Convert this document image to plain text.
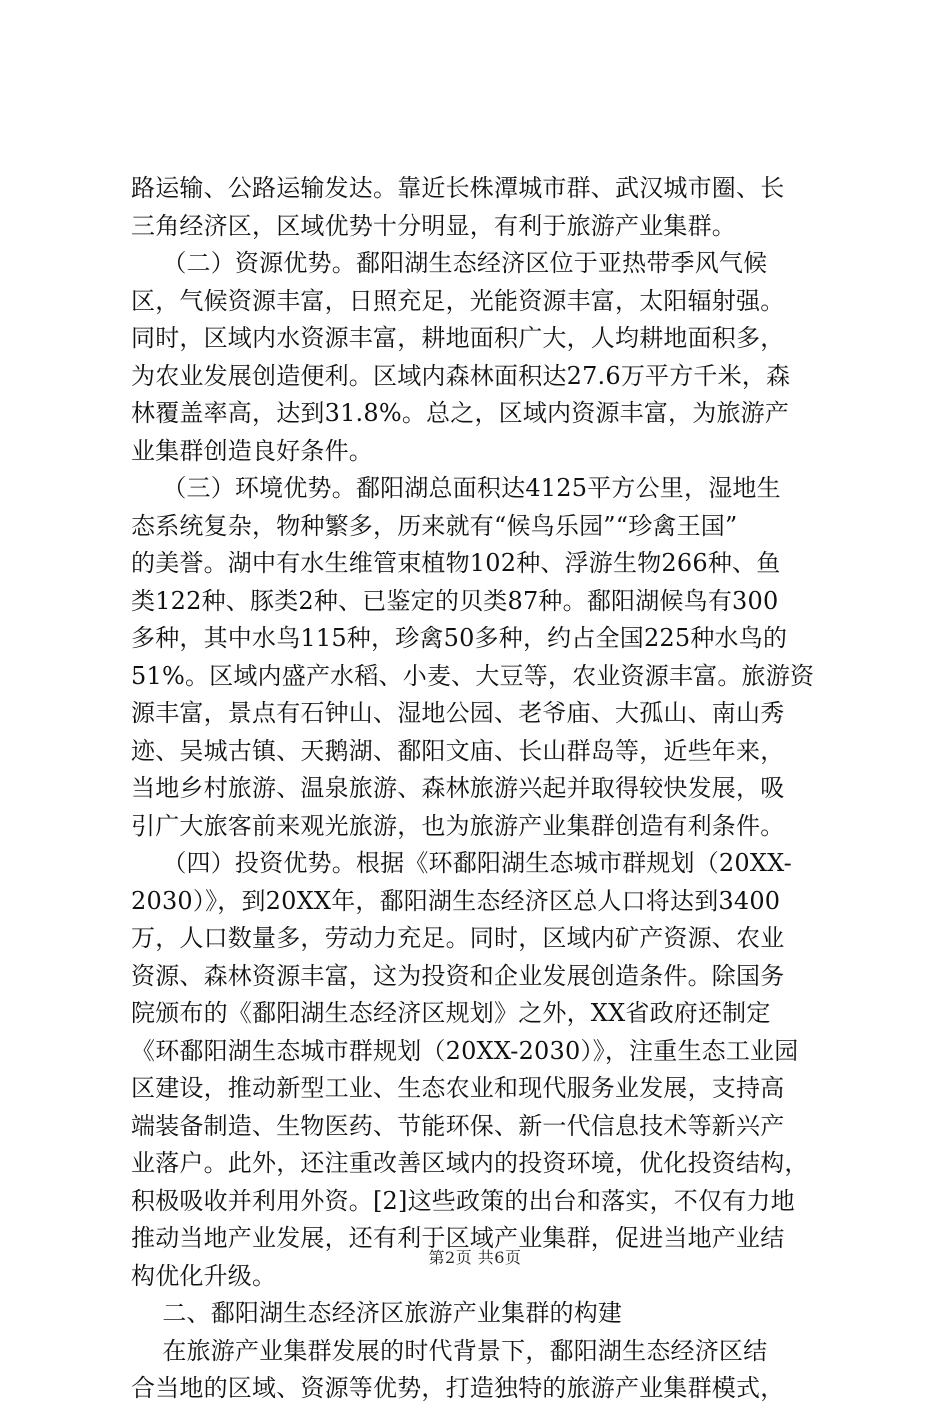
路运输、公路运输发达。靠近长株潭城市群、武汉城市圈、长
三角经济区，区域优势十分明显，有利于旅游产业集群。
（二）资源优势。鄱阳湖生态经济区位于亚热带季风气候
区，气候资源丰富，日照充足，光能资源丰富，太阳辐射强。
同时，区域内水资源丰富，耕地面积广大，人均耕地面积多，
为农业发展创造便利。区域内森林面积达27.6万平方千米，森
林覆盖率高，达到31.8%。总之，区域内资源丰富，为旅游产
业集群创造良好条件。
（三）环境优势。鄱阳湖总面积达4125平方公里，湿地生
态系统复杂，物种繁多，历来就有“候鸟乐园”“珍禽王国”
的美誉。湖中有水生维管束植物102种、浮游生物266种、鱼
类122种、豚类2种、已鉴定的贝类87种。鄱阳湖候鸟有300
多种，其中水鸟115种，珍禽50多种，约占全国225种水鸟的
51%。区域内盛产水稻、小麦、大豆等，农业资源丰富。旅游资
源丰富，景点有石钟山、湿地公园、老爷庙、大孤山、南山秀
迹、吴城古镇、天鹅湖、鄱阳文庙、长山群岛等，近些年来，
当地乡村旅游、温泉旅游、森林旅游兴起并取得较快发展，吸
引广大旅客前来观光旅游，也为旅游产业集群创造有利条件。
（四）投资优势。根据《环鄱阳湖生态城市群规划（20XX-
2030）》，到20XX年，鄱阳湖生态经济区总人口将达到3400
万，人口数量多，劳动力充足。同时，区域内矿产资源、农业
资源、森林资源丰富，这为投资和企业发展创造条件。除国务
院颁布的《鄱阳湖生态经济区规划》之外，XX省政府还制定
《环鄱阳湖生态城市群规划（20XX-2030）》，注重生态工业园
区建设，推动新型工业、生态农业和现代服务业发展，支持高
端装备制造、生物医药、节能环保、新一代信息技术等新兴产
业落户。此外，还注重改善区域内的投资环境，优化投资结构，
积极吸收并利用外资。[2]这些政策的出台和落实，不仅有力地
推动当地产业发展，还有利于区域产业集群，促进当地产业结
构优化升级。
二、鄱阳湖生态经济区旅游产业集群的构建
在旅游产业集群发展的时代背景下，鄱阳湖生态经济区结
合当地的区域、资源等优势，打造独特的旅游产业集群模式，
第2页 共6页
